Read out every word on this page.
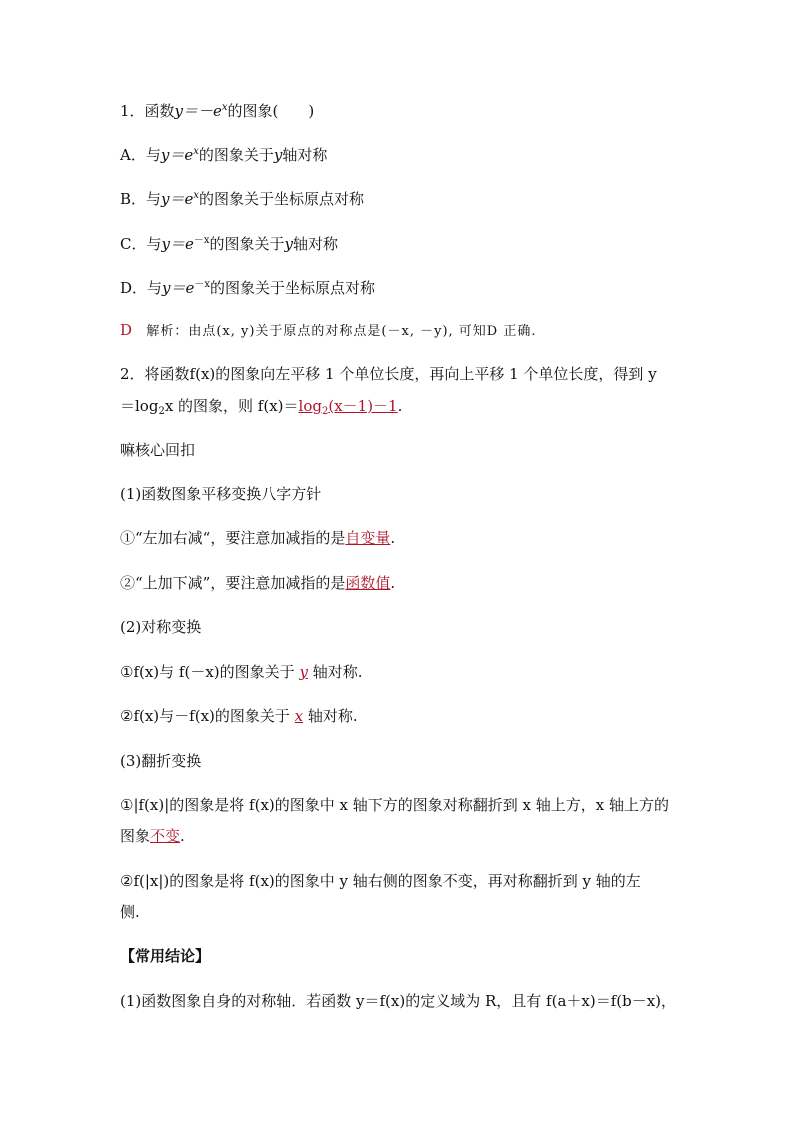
1．函数$y=-e^x$的图象(　　)
A．与$y=e^x$的图象关于y轴对称
B．与$y=e^x$的图象关于坐标原点对称
C．与$y=e^{-x}$的图象关于y轴对称
D．与$y=e^{-x}$的图象关于坐标原点对称
D 解析：由点(x, y)关于原点的对称点是(－x, －y), 可知D 正确.
2．将函数f(x)的图象向左平移 1 个单位长度，再向上平移 1 个单位长度，得到 y
$=\log_2x$ 的图象，则 $f(x)=\log_2(x-1)-1$.
嘛核心回扣
(1)函数图象平移变换八字方针
①“左加右减“，要注意加减指的是自变量.
②“上加下减”，要注意加减指的是函数值.
(2)对称变换
①f(x)与 f(－x)的图象关于 y 轴对称.
②f(x)与－f(x)的图象关于 x 轴对称.
(3)翻折变换
①|f(x)|的图象是将 f(x)的图象中 x 轴下方的图象对称翻折到 x 轴上方，x 轴上方的
图象不变.
②f(|x|)的图象是将 f(x)的图象中 y 轴右侧的图象不变，再对称翻折到 y 轴的左
侧.
【常用结论】
(1)函数图象自身的对称轴．若函数 y＝f(x)的定义域为 R，且有 f(a＋x)＝f(b－x)，
